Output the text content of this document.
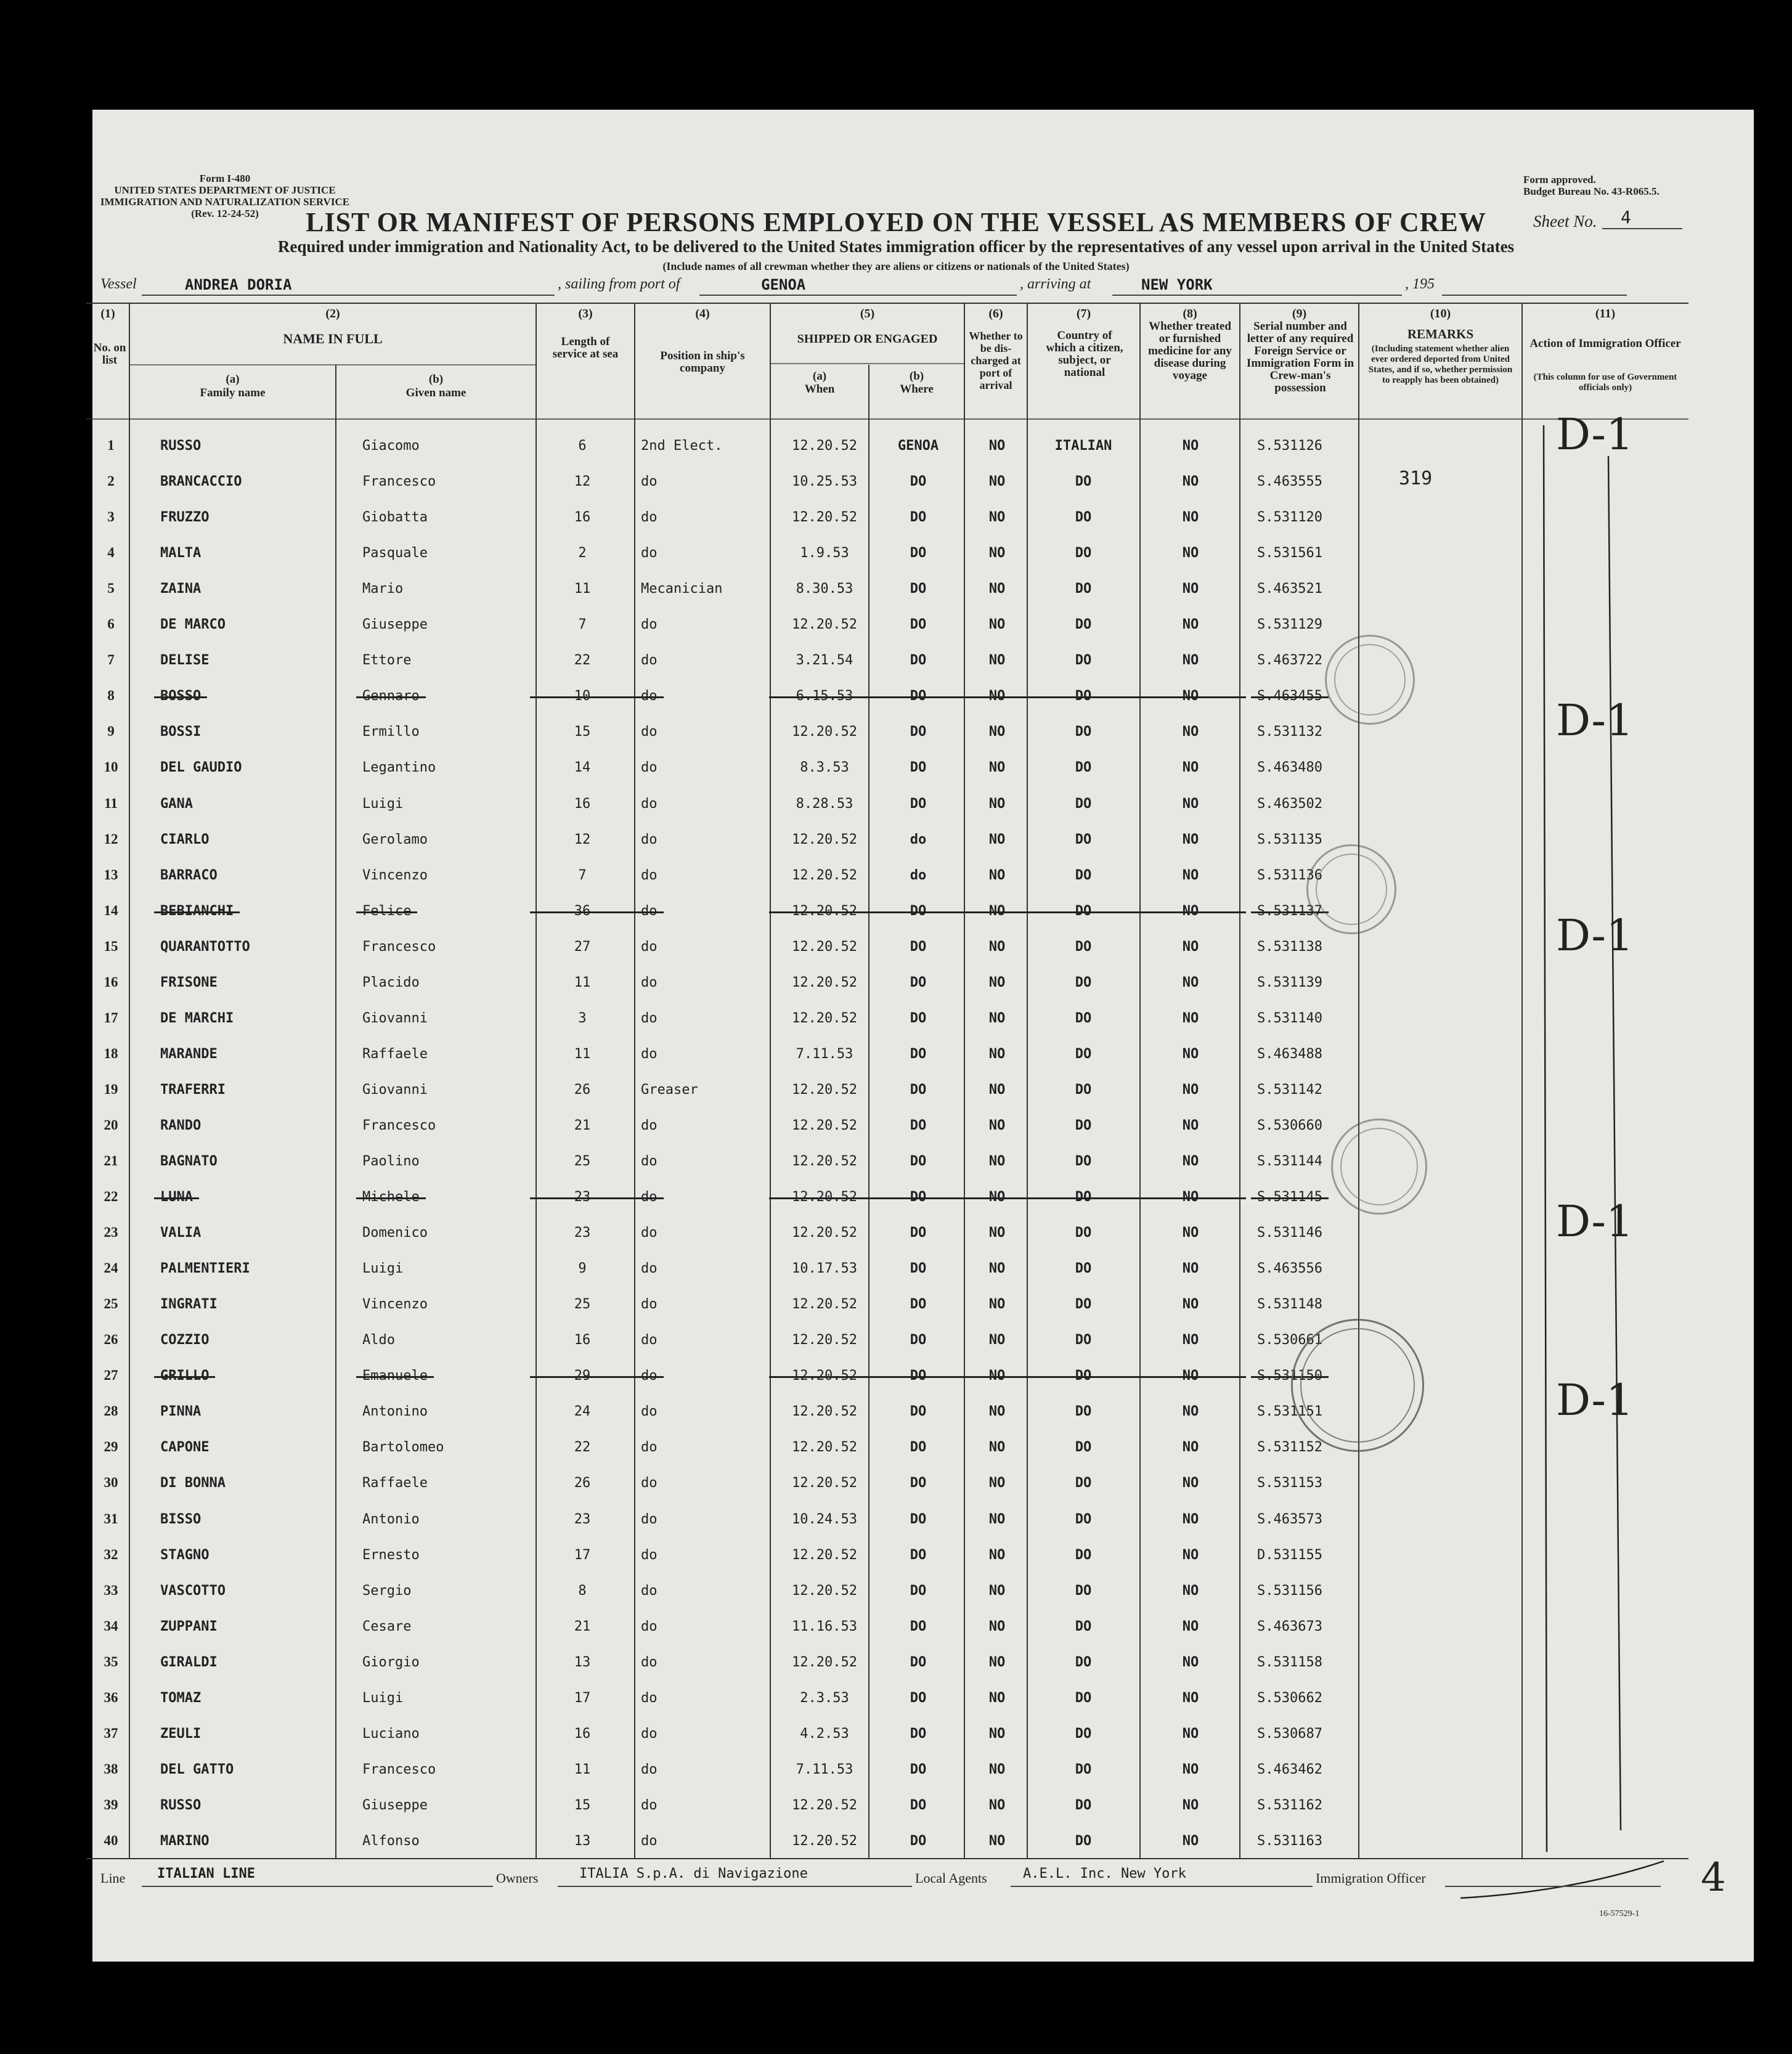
Form I-480
UNITED STATES DEPARTMENT OF JUSTICE
IMMIGRATION AND NATURALIZATION SERVICE
(Rev. 12-24-52)
Form approved.
Budget Bureau No. 43-R065.5.
LIST OR MANIFEST OF PERSONS EMPLOYED ON THE VESSEL AS MEMBERS OF CREW	Sheet No. 4
Required under immigration and Nationality Act, to be delivered to the United States immigration officer by the representatives of any vessel upon arrival in the United States
(Include names of all crewman whether they are aliens or citizens or nationals of the United States)
Vessel	ANDREA DORIA	, sailing from port of	GENOA	, arriving at	NEW YORK	, 195
(1)
No. on list
(2)
NAME IN FULL
(a)
Family name
(b)
Given name
(3)
Length of service at sea
(4)
Position in ship's company
(5)
SHIPPED OR ENGAGED
(a)
When
(b)
Where
(6)
Whether to be dis-charged at port of arrival
(7)
Country of which a citizen, subject, or national
(8)
Whether treated or furnished medicine for any disease during voyage
(9)
Serial number and letter of any required Foreign Service or Immigration Form in Crew-man's possession
(10)
REMARKS
(Including statement whether alien ever ordered deported from United States, and if so, whether permission to reapply has been obtained)
(11)
Action of Immigration Officer
(This column for use of Government officials only)
1	RUSSO	Giacomo	6	2nd Elect.	12.20.52	GENOA	NO	ITALIAN	NO	S.531126
2	BRANCACCIO	Francesco	12	do	10.25.53	DO	NO	DO	NO	S.463555	319
3	FRUZZO	Giobatta	16	do	12.20.52	DO	NO	DO	NO	S.531120
4	MALTA	Pasquale	2	do	1.9.53	DO	NO	DO	NO	S.531561
5	ZAINA	Mario	11	Mecanician	8.30.53	DO	NO	DO	NO	S.463521
6	DE MARCO	Giuseppe	7	do	12.20.52	DO	NO	DO	NO	S.531129
7	DELISE	Ettore	22	do	3.21.54	DO	NO	DO	NO	S.463722
8	BOSSO	Gennaro	10	do	6.15.53	DO	NO	DO	NO	S.463455
9	BOSSI	Ermillo	15	do	12.20.52	DO	NO	DO	NO	S.531132
10	DEL GAUDIO	Legantino	14	do	8.3.53	DO	NO	DO	NO	S.463480
11	GANA	Luigi	16	do	8.28.53	DO	NO	DO	NO	S.463502
12	CIARLO	Gerolamo	12	do	12.20.52	do	NO	DO	NO	S.531135
13	BARRACO	Vincenzo	7	do	12.20.52	do	NO	DO	NO	S.531136
14	BEBIANCHI	Felice	36	do	12.20.52	DO	NO	DO	NO	S.531137
15	QUARANTOTTO	Francesco	27	do	12.20.52	DO	NO	DO	NO	S.531138
16	FRISONE	Placido	11	do	12.20.52	DO	NO	DO	NO	S.531139
17	DE MARCHI	Giovanni	3	do	12.20.52	DO	NO	DO	NO	S.531140
18	MARANDE	Raffaele	11	do	7.11.53	DO	NO	DO	NO	S.463488
19	TRAFERRI	Giovanni	26	Greaser	12.20.52	DO	NO	DO	NO	S.531142
20	RANDO	Francesco	21	do	12.20.52	DO	NO	DO	NO	S.530660
21	BAGNATO	Paolino	25	do	12.20.52	DO	NO	DO	NO	S.531144
22	LUNA	Michele	23	do	12.20.52	DO	NO	DO	NO	S.531145
23	VALIA	Domenico	23	do	12.20.52	DO	NO	DO	NO	S.531146
24	PALMENTIERI	Luigi	9	do	10.17.53	DO	NO	DO	NO	S.463556
25	INGRATI	Vincenzo	25	do	12.20.52	DO	NO	DO	NO	S.531148
26	COZZIO	Aldo	16	do	12.20.52	DO	NO	DO	NO	S.530661
27	GRILLO	Emanuele	29	do	12.20.52	DO	NO	DO	NO	S.531150
28	PINNA	Antonino	24	do	12.20.52	DO	NO	DO	NO	S.531151
29	CAPONE	Bartolomeo	22	do	12.20.52	DO	NO	DO	NO	S.531152
30	DI BONNA	Raffaele	26	do	12.20.52	DO	NO	DO	NO	S.531153
31	BISSO	Antonio	23	do	10.24.53	DO	NO	DO	NO	S.463573
32	STAGNO	Ernesto	17	do	12.20.52	DO	NO	DO	NO	D.531155
33	VASCOTTO	Sergio	8	do	12.20.52	DO	NO	DO	NO	S.531156
34	ZUPPANI	Cesare	21	do	11.16.53	DO	NO	DO	NO	S.463673
35	GIRALDI	Giorgio	13	do	12.20.52	DO	NO	DO	NO	S.531158
36	TOMAZ	Luigi	17	do	2.3.53	DO	NO	DO	NO	S.530662
37	ZEULI	Luciano	16	do	4.2.53	DO	NO	DO	NO	S.530687
38	DEL GATTO	Francesco	11	do	7.11.53	DO	NO	DO	NO	S.463462
39	RUSSO	Giuseppe	15	do	12.20.52	DO	NO	DO	NO	S.531162
40	MARINO	Alfonso	13	do	12.20.52	DO	NO	DO	NO	S.531163
D-1
D-1
D-1
D-1
D-1
Line ITALIAN LINE	Owners	ITALIA S.p.A. di Navigazione	Local Agents	A.E.L. Inc. New York	Immigration Officer
16-57529-1
4
